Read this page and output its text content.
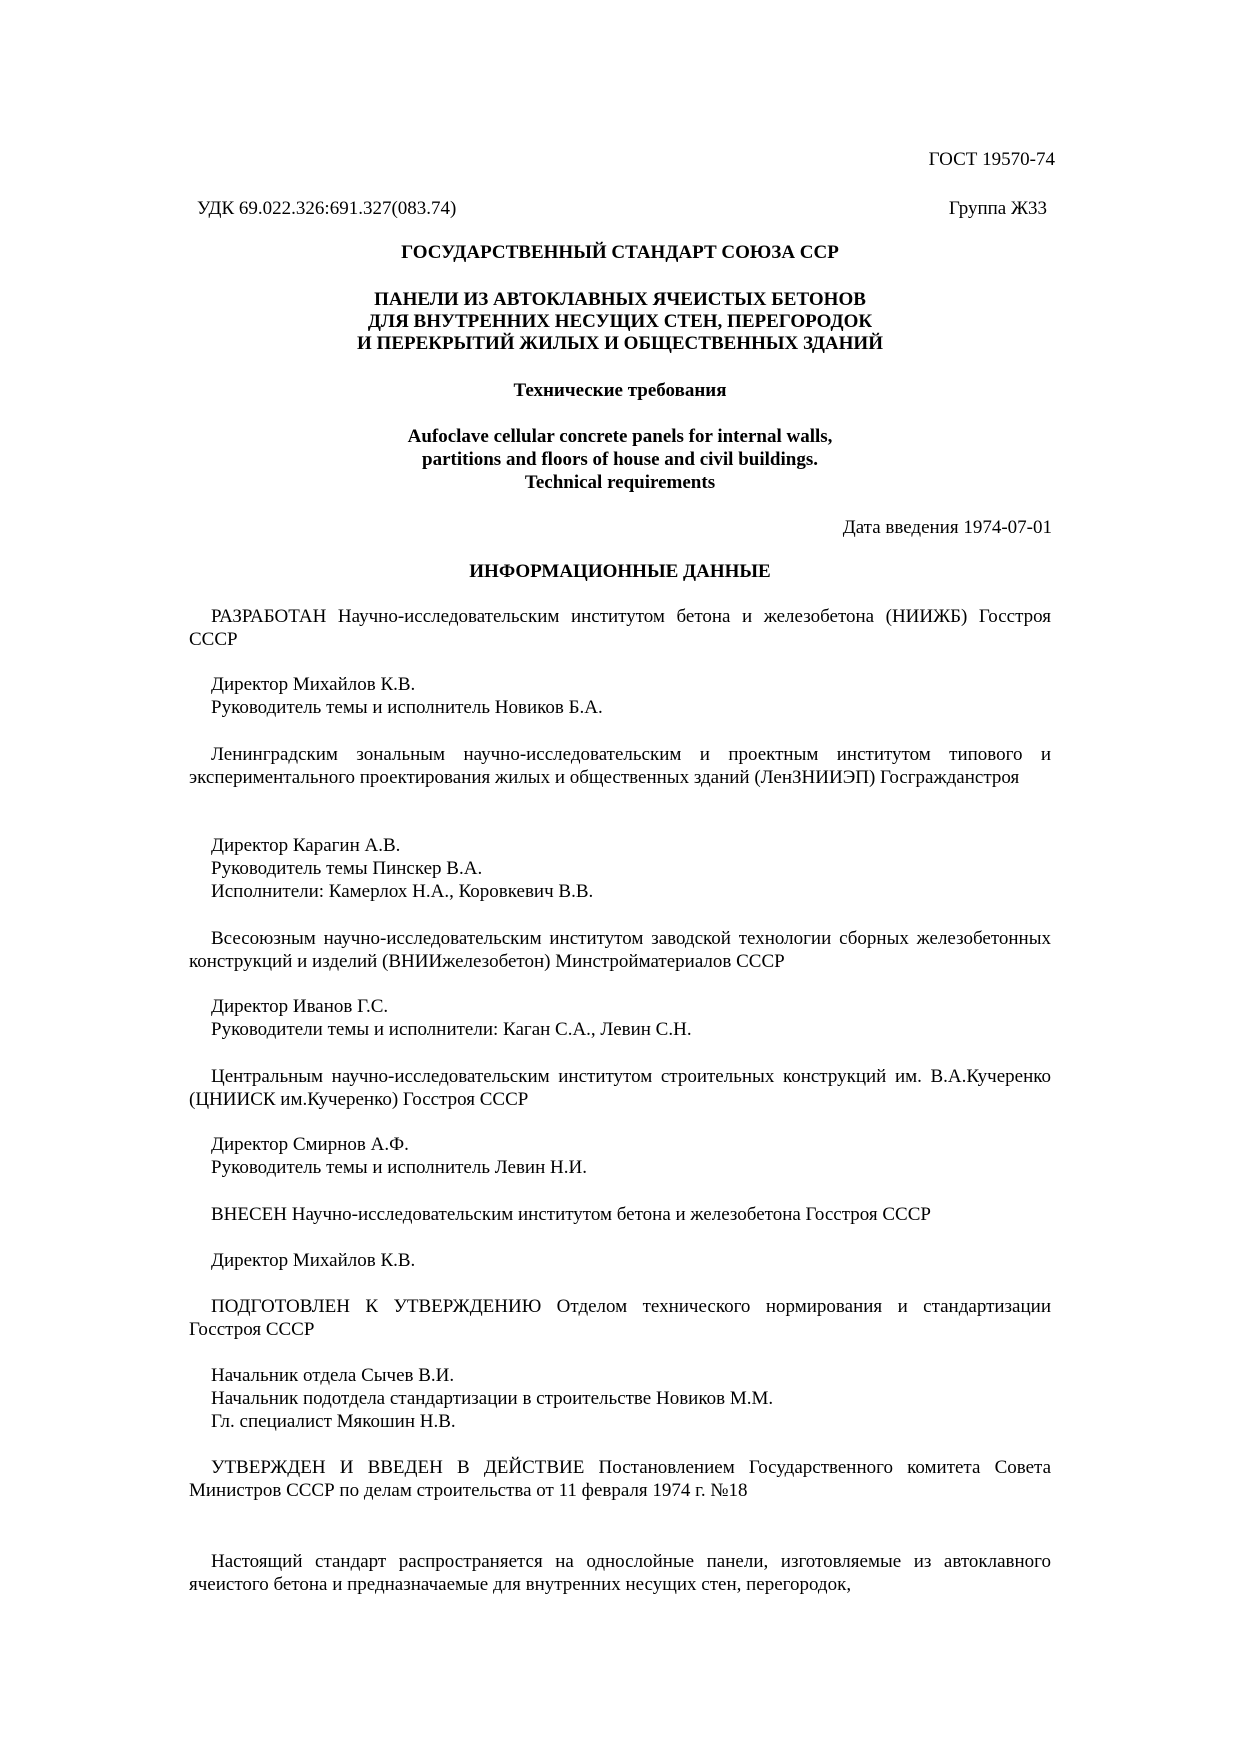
ГОСТ 19570-74
УДК 69.022.326:691.327(083.74)	Группа Ж33
ГОСУДАРСТВЕННЫЙ СТАНДАРТ СОЮЗА ССР
ПАНЕЛИ ИЗ АВТОКЛАВНЫХ ЯЧЕИСТЫХ БЕТОНОВ
ДЛЯ ВНУТРЕННИХ НЕСУЩИХ СТЕН, ПЕРЕГОРОДОК
И ПЕРЕКРЫТИЙ ЖИЛЫХ И ОБЩЕСТВЕННЫХ ЗДАНИЙ
Технические требования
Aufoclave cellular concrete panels for internal walls,
partitions and floors of house and civil buildings.
Technical requirements
Дата введения 1974-07-01
ИНФОРМАЦИОННЫЕ ДАННЫЕ
РАЗРАБОТАН Научно-исследовательским институтом бетона и железобетона (НИИЖБ) Госстроя СССР
Директор Михайлов К.В.
Руководитель темы и исполнитель Новиков Б.А.
Ленинградским зональным научно-исследовательским и проектным институтом типового и экспериментального проектирования жилых и общественных зданий (ЛенЗНИИЭП) Госгражданстроя
Директор Карагин А.В.
Руководитель темы Пинскер В.А.
Исполнители: Камерлох Н.А., Коровкевич В.В.
Всесоюзным научно-исследовательским институтом заводской технологии сборных железобетонных конструкций и изделий (ВНИИжелезобетон) Минстройматериалов СССР
Директор Иванов Г.С.
Руководители темы и исполнители: Каган С.А., Левин С.Н.
Центральным научно-исследовательским институтом строительных конструкций им. В.А.Кучеренко (ЦНИИСК им.Кучеренко) Госстроя СССР
Директор Смирнов А.Ф.
Руководитель темы и исполнитель Левин Н.И.
ВНЕСЕН Научно-исследовательским институтом бетона и железобетона Госстроя СССР
Директор Михайлов К.В.
ПОДГОТОВЛЕН К УТВЕРЖДЕНИЮ Отделом технического нормирования и стандартизации Госстроя СССР
Начальник отдела Сычев В.И.
Начальник подотдела стандартизации в строительстве Новиков М.М.
Гл. специалист Мякошин Н.В.
УТВЕРЖДЕН И ВВЕДЕН В ДЕЙСТВИЕ Постановлением Государственного комитета Совета Министров СССР по делам строительства от 11 февраля 1974 г. №18
Настоящий стандарт распространяется на однослойные панели, изготовляемые из автоклавного ячеистого бетона и предназначаемые для внутренних несущих стен, перегородок,
